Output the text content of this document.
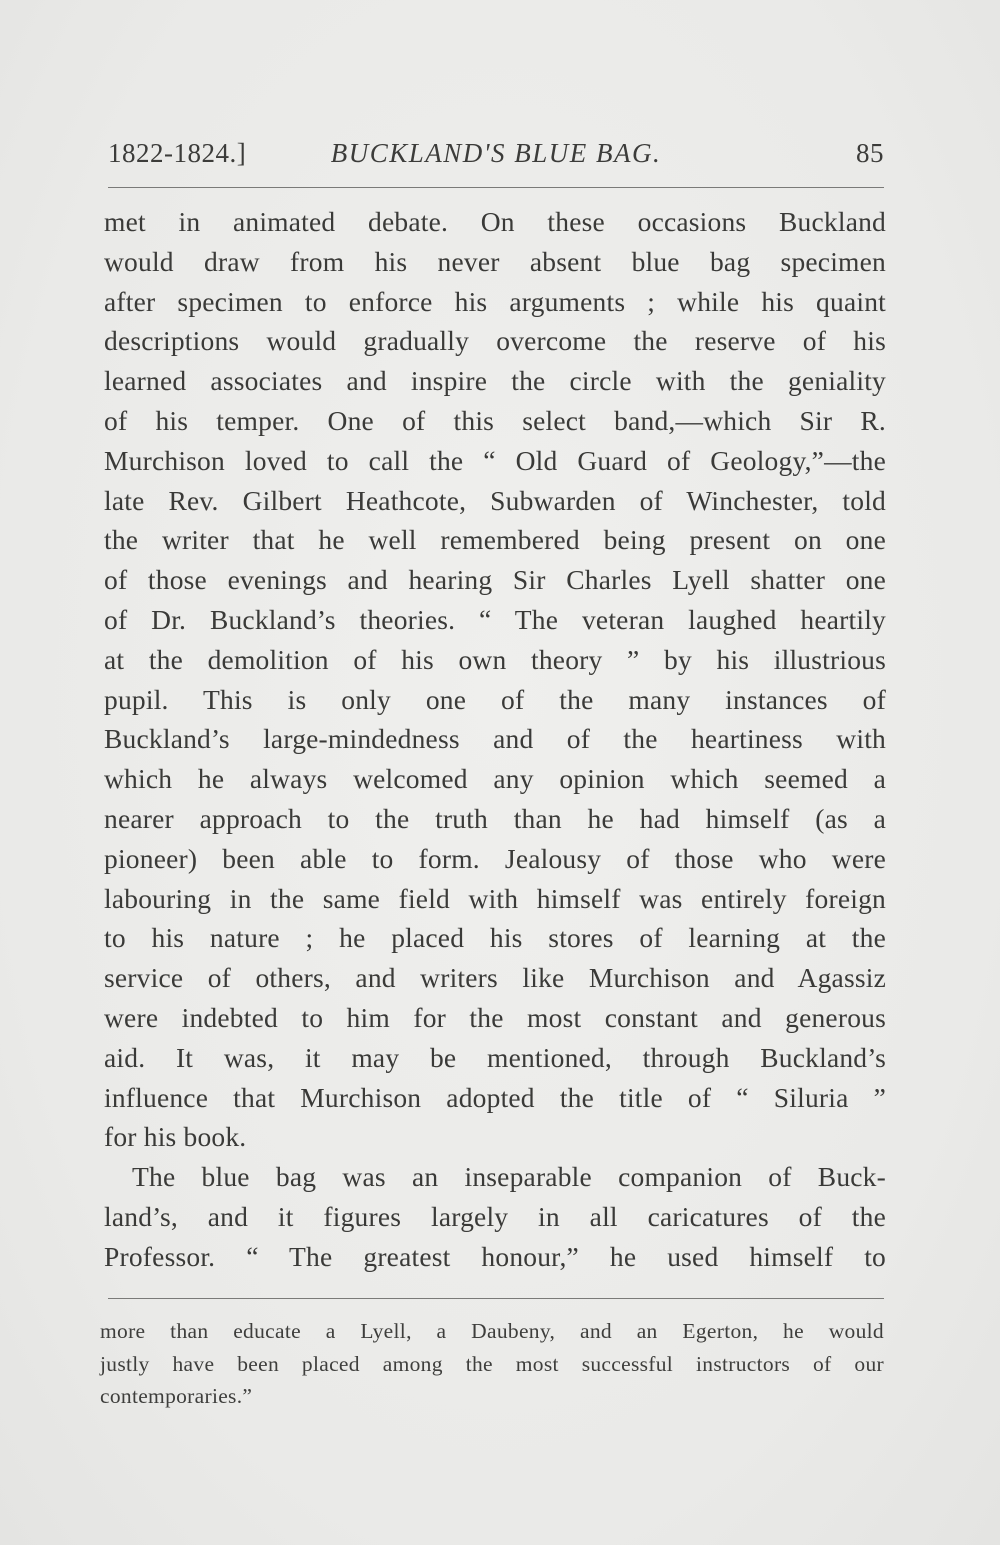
1822-1824.]	BUCKLAND'S BLUE BAG.	85
met in animated debate. On these occasions Buckland
would draw from his never absent blue bag specimen
after specimen to enforce his arguments ; while his quaint
descriptions would gradually overcome the reserve of his
learned associates and inspire the circle with the geniality
of his temper. One of this select band,—which Sir R.
Murchison loved to call the “ Old Guard of Geology,”—the
late Rev. Gilbert Heathcote, Subwarden of Winchester, told
the writer that he well remembered being present on one
of those evenings and hearing Sir Charles Lyell shatter one
of Dr. Buckland’s theories. “ The veteran laughed heartily
at the demolition of his own theory ” by his illustrious
pupil. This is only one of the many instances of
Buckland’s large-mindedness and of the heartiness with
which he always welcomed any opinion which seemed a
nearer approach to the truth than he had himself (as a
pioneer) been able to form. Jealousy of those who were
labouring in the same field with himself was entirely foreign
to his nature ; he placed his stores of learning at the
service of others, and writers like Murchison and Agassiz
were indebted to him for the most constant and generous
aid. It was, it may be mentioned, through Buckland’s
influence that Murchison adopted the title of “ Siluria ”
for his book.
The blue bag was an inseparable companion of Buck-
land’s, and it figures largely in all caricatures of the
Professor. “ The greatest honour,” he used himself to
more than educate a Lyell, a Daubeny, and an Egerton, he would
justly have been placed among the most successful instructors of our
contemporaries.”
